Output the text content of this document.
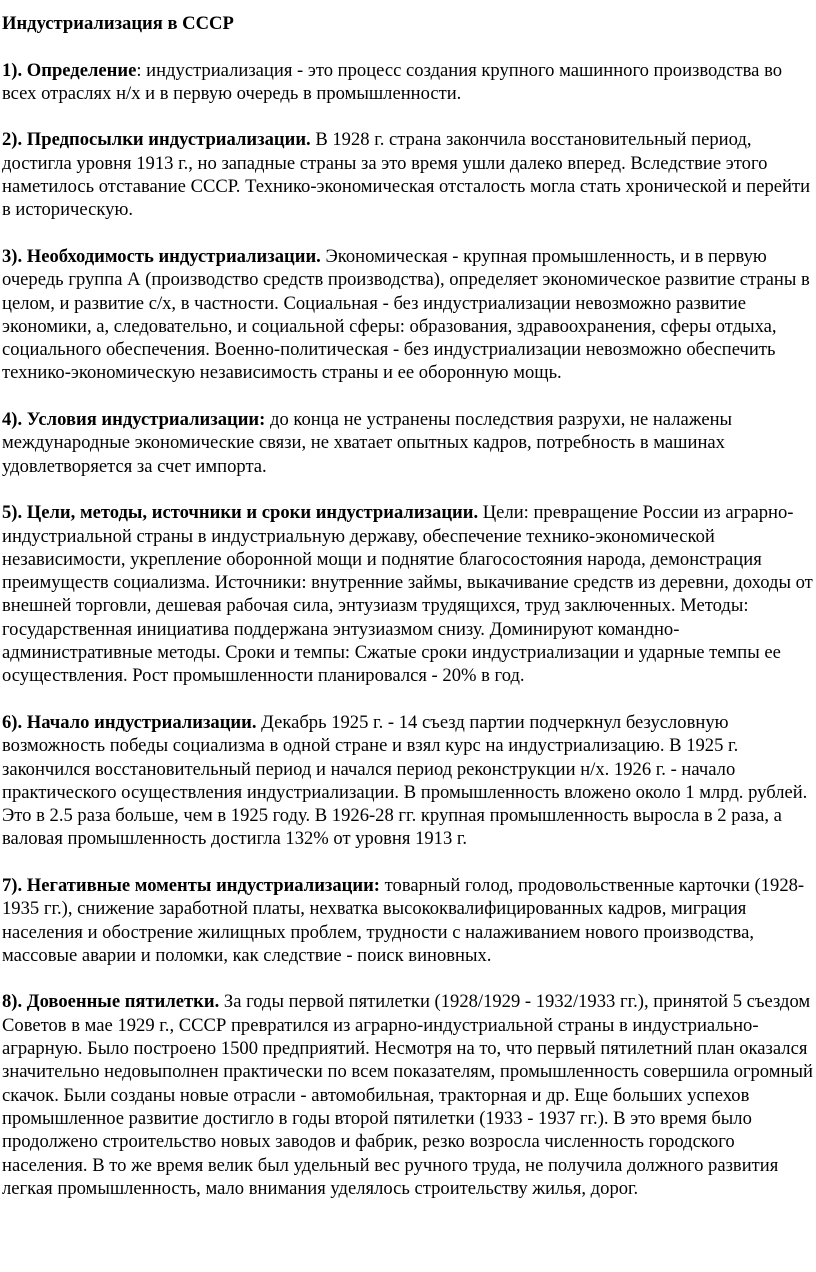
Индустриализация в СССР
1). Определение: индустриализация - это процесс создания крупного машинного производства во всех отраслях н/х и в первую очередь в промышленности.
2). Предпосылки индустриализации. В 1928 г. страна закончила восстановительный период, достигла уровня 1913 г., но западные страны за это время ушли далеко вперед. Вследствие этого наметилось отставание СССР. Технико-экономическая отсталость могла стать хронической и перейти в историческую.
3). Необходимость индустриализации. Экономическая - крупная промышленность, и в первую очередь группа А (производство средств производства), определяет экономическое развитие страны в целом, и развитие с/х, в частности. Социальная - без индустриализации невозможно развитие экономики, а, следовательно, и социальной сферы: образования, здравоохранения, сферы отдыха, социального обеспечения. Военно-политическая - без индустриализации невозможно обеспечить технико-экономическую независимость страны и ее оборонную мощь.
4). Условия индустриализации: до конца не устранены последствия разрухи, не налажены международные экономические связи, не хватает опытных кадров, потребность в машинах удовлетворяется за счет импорта.
5). Цели, методы, источники и сроки индустриализации. Цели: превращение России из аграрно-индустриальной страны в индустриальную державу, обеспечение технико-экономической независимости, укрепление оборонной мощи и поднятие благосостояния народа, демонстрация преимуществ социализма. Источники: внутренние займы, выкачивание средств из деревни, доходы от внешней торговли, дешевая рабочая сила, энтузиазм трудящихся, труд заключенных. Методы: государственная инициатива поддержана энтузиазмом снизу. Доминируют командно-административные методы. Сроки и темпы: Сжатые сроки индустриализации и ударные темпы ее осуществления. Рост промышленности планировался - 20% в год.
6). Начало индустриализации. Декабрь 1925 г. - 14 съезд партии подчеркнул безусловную возможность победы социализма в одной стране и взял курс на индустриализацию. В 1925 г. закончился восстановительный период и начался период реконструкции н/х. 1926 г. - начало практического осуществления индустриализации. В промышленность вложено около 1 млрд. рублей. Это в 2.5 раза больше, чем в 1925 году. В 1926-28 гг. крупная промышленность выросла в 2 раза, а валовая промышленность достигла 132% от уровня 1913 г.
7). Негативные моменты индустриализации: товарный голод, продовольственные карточки (1928-1935 гг.), снижение заработной платы, нехватка высококвалифицированных кадров, миграция населения и обострение жилищных проблем, трудности с налаживанием нового производства, массовые аварии и поломки, как следствие - поиск виновных.
8). Довоенные пятилетки. За годы первой пятилетки (1928/1929 - 1932/1933 гг.), принятой 5 съездом Советов в мае 1929 г., СССР превратился из аграрно-индустриальной страны в индустриально-аграрную. Было построено 1500 предприятий. Несмотря на то, что первый пятилетний план оказался значительно недовыполнен практически по всем показателям, промышленность совершила огромный скачок. Были созданы новые отрасли - автомобильная, тракторная и др. Еще больших успехов промышленное развитие достигло в годы второй пятилетки (1933 - 1937 гг.). В это время было продолжено строительство новых заводов и фабрик, резко возросла численность городского населения. В то же время велик был удельный вес ручного труда, не получила должного развития легкая промышленность, мало внимания уделялось строительству жилья, дорог.
